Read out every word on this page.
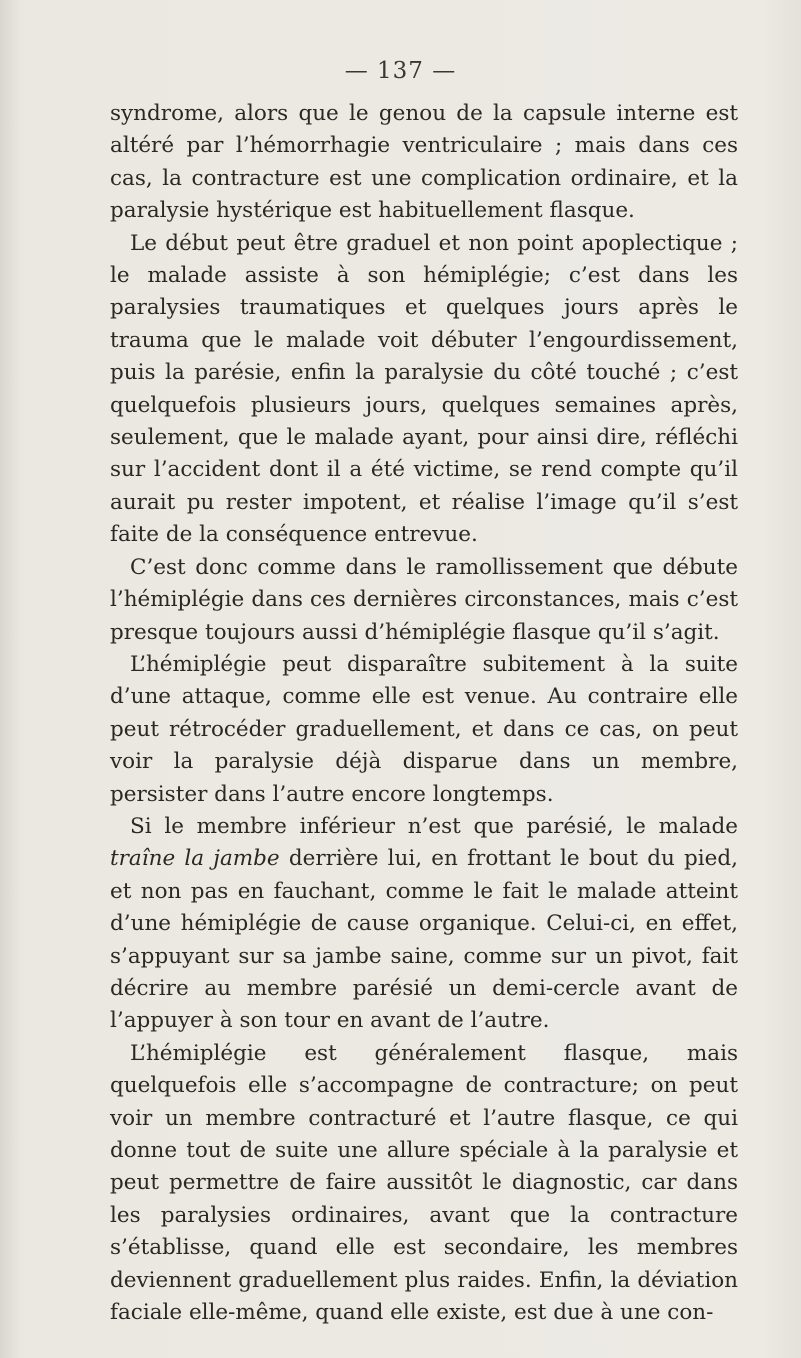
— 137 —

syndrome, alors que le genou de la capsule interne est altéré par l’hémorrhagie ventriculaire ; mais dans ces cas, la contracture est une complication ordinaire, et la paralysie hystérique est habituellement flasque.

Le début peut être graduel et non point apoplectique ; le malade assiste à son hémiplégie; c’est dans les paralysies traumatiques et quelques jours après le trauma que le malade voit débuter l’engourdissement, puis la parésie, enfin la paralysie du côté touché ; c’est quelquefois plusieurs jours, quelques semaines après, seulement, que le malade ayant, pour ainsi dire, réfléchi sur l’accident dont il a été victime, se rend compte qu’il aurait pu rester impotent, et réalise l’image qu’il s’est faite de la conséquence entrevue.

C’est donc comme dans le ramollissement que débute l’hémiplégie dans ces dernières circonstances, mais c’est presque toujours aussi d’hémiplégie flasque qu’il s’agit.

L’hémiplégie peut disparaître subitement à la suite d’une attaque, comme elle est venue. Au contraire elle peut rétrocéder graduellement, et dans ce cas, on peut voir la paralysie déjà disparue dans un membre, persister dans l’autre encore longtemps.

Si le membre inférieur n’est que parésié, le malade traîne la jambe derrière lui, en frottant le bout du pied, et non pas en fauchant, comme le fait le malade atteint d’une hémiplégie de cause organique. Celui-ci, en effet, s’appuyant sur sa jambe saine, comme sur un pivot, fait décrire au membre parésié un demi-cercle avant de l’appuyer à son tour en avant de l’autre.

L’hémiplégie est généralement flasque, mais quelquefois elle s’accompagne de contracture; on peut voir un membre contracturé et l’autre flasque, ce qui donne tout de suite une allure spéciale à la paralysie et peut permettre de faire aussitôt le diagnostic, car dans les paralysies ordinaires, avant que la contracture s’établisse, quand elle est secondaire, les membres deviennent graduellement plus raides. Enfin, la déviation faciale elle-même, quand elle existe, est due à une con-
